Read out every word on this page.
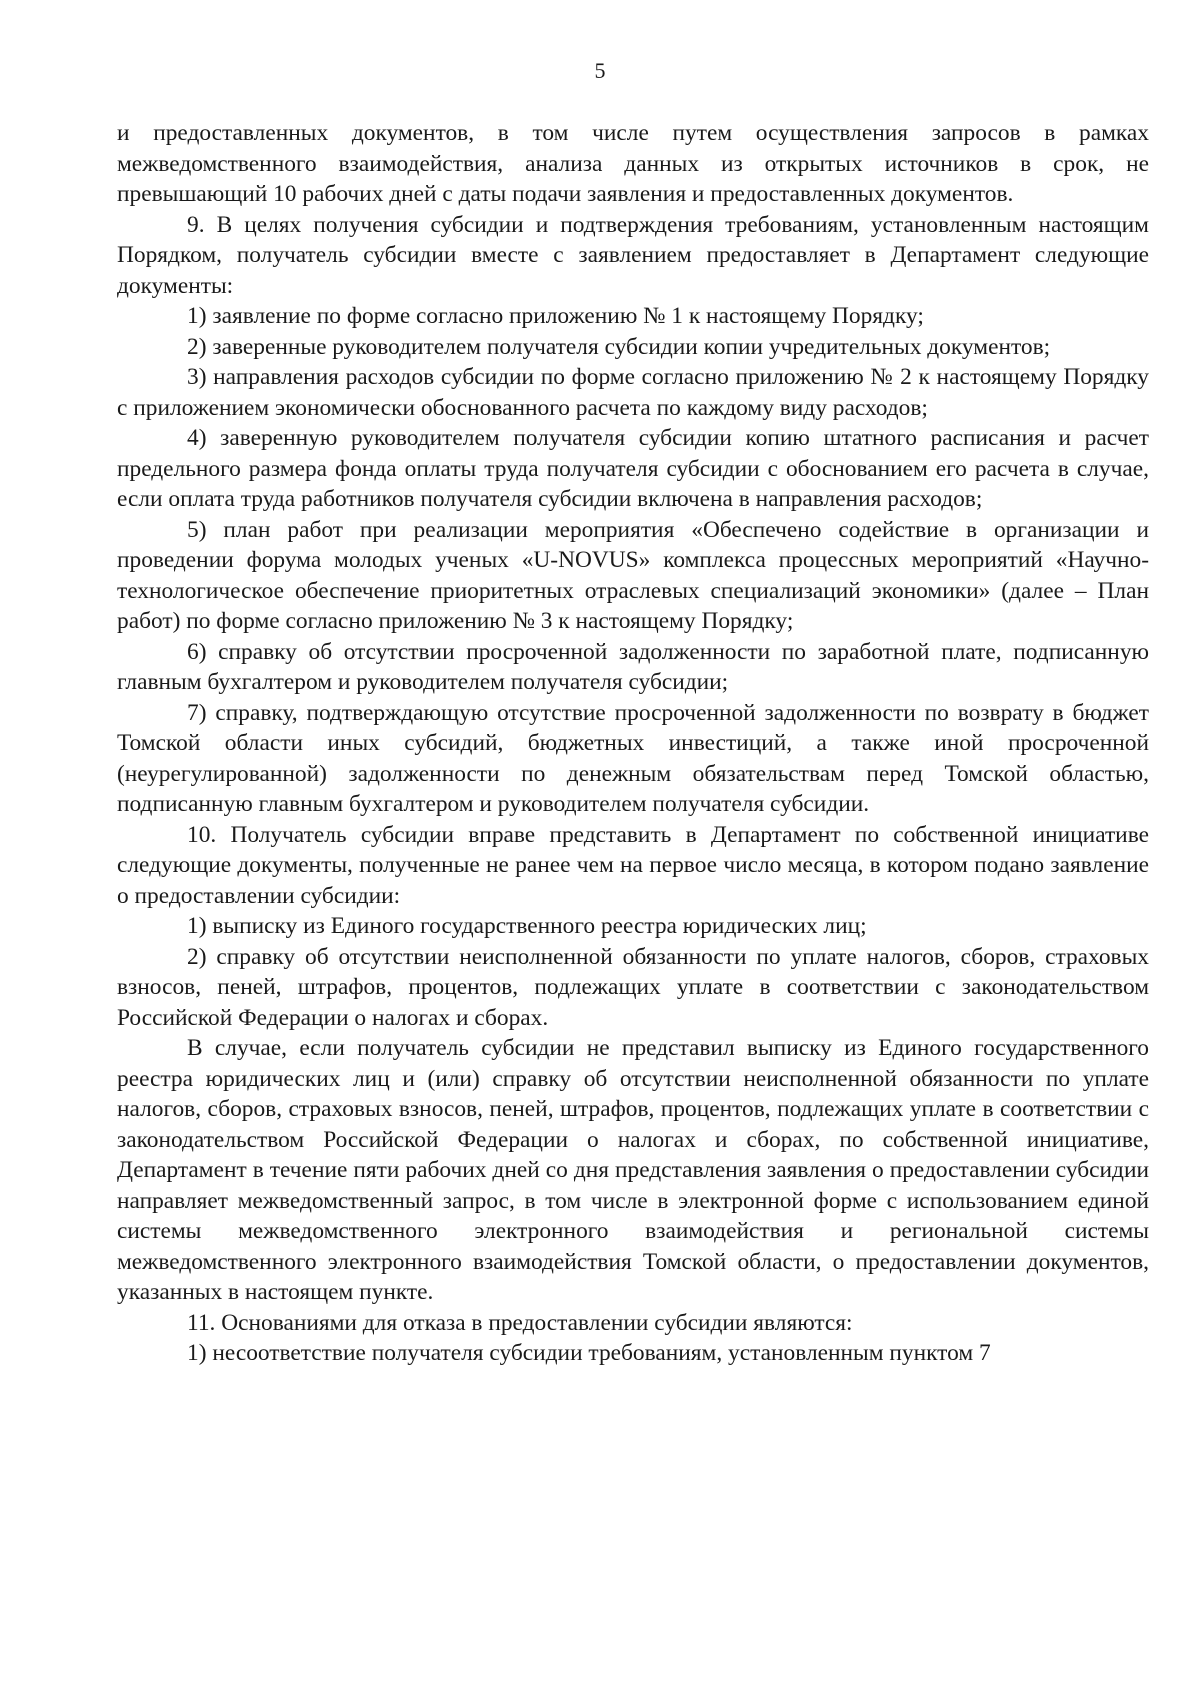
5

и предоставленных документов, в том числе путем осуществления запросов в рамках межведомственного взаимодействия, анализа данных из открытых источников в срок, не превышающий 10 рабочих дней с даты подачи заявления и предоставленных документов.

9. В целях получения субсидии и подтверждения требованиям, установленным настоящим Порядком, получатель субсидии вместе с заявлением предоставляет в Департамент следующие документы:

1) заявление по форме согласно приложению № 1 к настоящему Порядку;

2) заверенные руководителем получателя субсидии копии учредительных документов;

3) направления расходов субсидии по форме согласно приложению № 2 к настоящему Порядку с приложением экономически обоснованного расчета по каждому виду расходов;

4) заверенную руководителем получателя субсидии копию штатного расписания и расчет предельного размера фонда оплаты труда получателя субсидии с обоснованием его расчета в случае, если оплата труда работников получателя субсидии включена в направления расходов;

5) план работ при реализации мероприятия «Обеспечено содействие в организации и проведении форума молодых ученых «U-NOVUS» комплекса процессных мероприятий «Научно-технологическое обеспечение приоритетных отраслевых специализаций экономики» (далее – План работ) по форме согласно приложению № 3 к настоящему Порядку;

6) справку об отсутствии просроченной задолженности по заработной плате, подписанную главным бухгалтером и руководителем получателя субсидии;

7) справку, подтверждающую отсутствие просроченной задолженности по возврату в бюджет Томской области иных субсидий, бюджетных инвестиций, а также иной просроченной (неурегулированной) задолженности по денежным обязательствам перед Томской областью, подписанную главным бухгалтером и руководителем получателя субсидии.

10. Получатель субсидии вправе представить в Департамент по собственной инициативе следующие документы, полученные не ранее чем на первое число месяца, в котором подано заявление о предоставлении субсидии:

1) выписку из Единого государственного реестра юридических лиц;

2) справку об отсутствии неисполненной обязанности по уплате налогов, сборов, страховых взносов, пеней, штрафов, процентов, подлежащих уплате в соответствии с законодательством Российской Федерации о налогах и сборах.

В случае, если получатель субсидии не представил выписку из Единого государственного реестра юридических лиц и (или) справку об отсутствии неисполненной обязанности по уплате налогов, сборов, страховых взносов, пеней, штрафов, процентов, подлежащих уплате в соответствии с законодательством Российской Федерации о налогах и сборах, по собственной инициативе, Департамент в течение пяти рабочих дней со дня представления заявления о предоставлении субсидии направляет межведомственный запрос, в том числе в электронной форме с использованием единой системы межведомственного электронного взаимодействия и региональной системы межведомственного электронного взаимодействия Томской области, о предоставлении документов, указанных в настоящем пункте.

11. Основаниями для отказа в предоставлении субсидии являются:

1) несоответствие получателя субсидии требованиям, установленным пунктом 7
